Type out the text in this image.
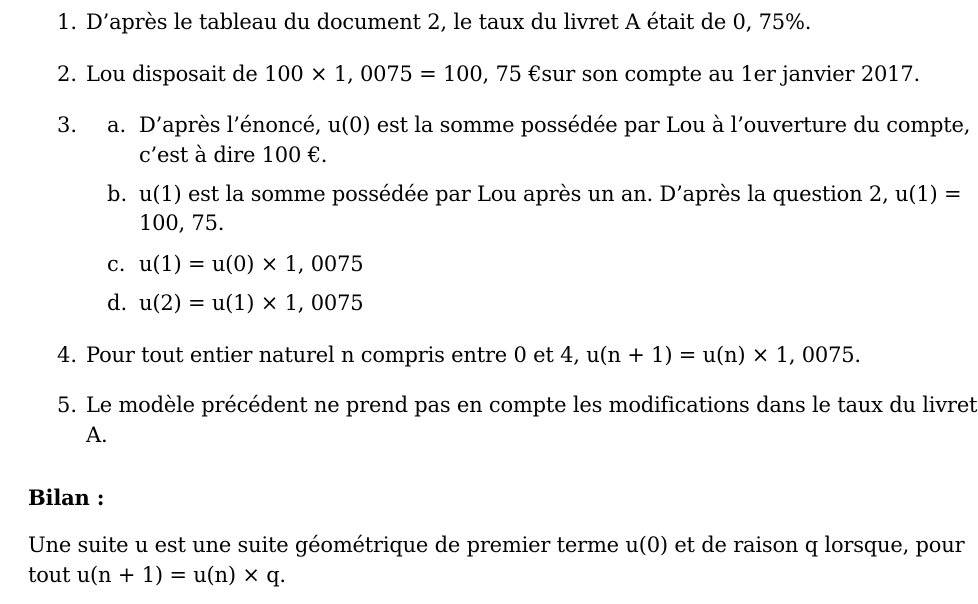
1. D’après le tableau du document 2, le taux du livret A était de 0, 75%.
2. Lou disposait de 100 × 1, 0075 = 100, 75 €sur son compte au 1er janvier 2017.
3. a. D’après l’énoncé, u(0) est la somme possédée par Lou à l’ouverture du compte,
c’est à dire 100 €.
b. u(1) est la somme possédée par Lou après un an. D’après la question 2, u(1) =
100, 75.
c. u(1) = u(0) × 1, 0075
d. u(2) = u(1) × 1, 0075
4. Pour tout entier naturel n compris entre 0 et 4, u(n + 1) = u(n) × 1, 0075.
5. Le modèle précédent ne prend pas en compte les modifications dans le taux du livret
A.
Bilan :
Une suite u est une suite géométrique de premier terme u(0) et de raison q lorsque, pour
tout u(n + 1) = u(n) × q.
